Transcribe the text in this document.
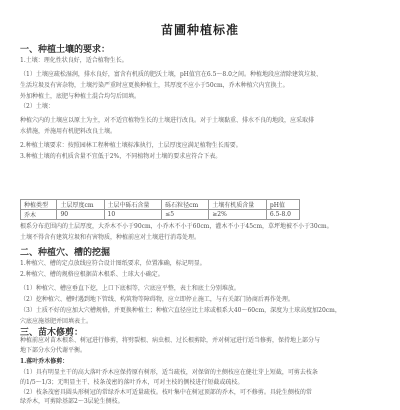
苗圃种植标准
一、种植土壤的要求：
1.土壤：理化性状良好，适合植物生长。
（1）土壤应疏松湿润，排水良好，富含有机质的肥沃土壤，pH值宜在6.5～8.0之间。种植地段应清除建筑垃圾、
生活垃圾及有害杂物，土壤污染严重时应更换种植土，其厚度不应小于50cm，乔木种植穴内宜换土。
外加种植土，底肥与种植土混合均匀后回填。
（2）土壤：
种植穴内的土壤应以原土为主，对不适宜植物生长的土壤进行改良。对于土壤黏重、排水不良的地段，应采取排
水措施，并施用有机肥料改良土壤。
2.种植土壤要求：按照园林工程种植土壤标准执行，土层厚度应满足植物生长需要。
3.种植土壤的有机质含量不宜低于2%，不同植物对土壤的要求应符合下表。
种植类型	土层厚度cm	土层中砾石含量	砾石粒径cm	土壤有机质含量	pH值
乔木	90	10	≤5	≥2%	6.5-8.0
根系分布范围内的土层厚度，大乔木不小于90cm，小乔木不小于60cm，灌木不小于45cm，草坪地被不小于30cm。
土壤不得含有建筑垃圾和有害物质，种植前应对土壤进行消毒处理。
二、种植穴、槽的挖掘
1.种植穴、槽的定点放线应符合设计图纸要求，位置准确，标记明显。
2.种植穴、槽的规格应根据苗木根系、土球大小确定。
（1）种植穴、槽应垂直下挖，上口下底相等，穴底应平整，表土和底土分别堆放。
（2）挖种植穴、槽时遇到地下管线、构筑物等障碍物，应立即停止施工，与有关部门协商后再作处理。
（3）土质不好的应加大穴槽规格，并更换种植土；种植穴直径应比土球或根系大40～60cm，深度为土球高度加20cm，
穴底应施基肥并回填表土。
三、苗木修剪：
种植前应对苗木根系、树冠进行修剪，将劈裂根、病虫根、过长根剪除，并对树冠进行适当修剪，保持地上部分与
地下部分水分代谢平衡。
1.落叶乔木修剪：
（1）具有明显主干的高大落叶乔木应保持原有树形，适当疏枝，对保留的主侧枝应在健壮芽上短截，可剪去枝条
的1/5～1/3；无明显主干、枝条茂密的落叶乔木，可对主枝的侧枝进行短截或疏枝。
（2）枝条茂密具圆头形树冠的常绿乔木可适量疏枝。枝叶集中在树冠顶部的乔木，可不修剪。具轮生侧枝的常
绿乔木，可剪除基部2～3层轮生侧枝。
